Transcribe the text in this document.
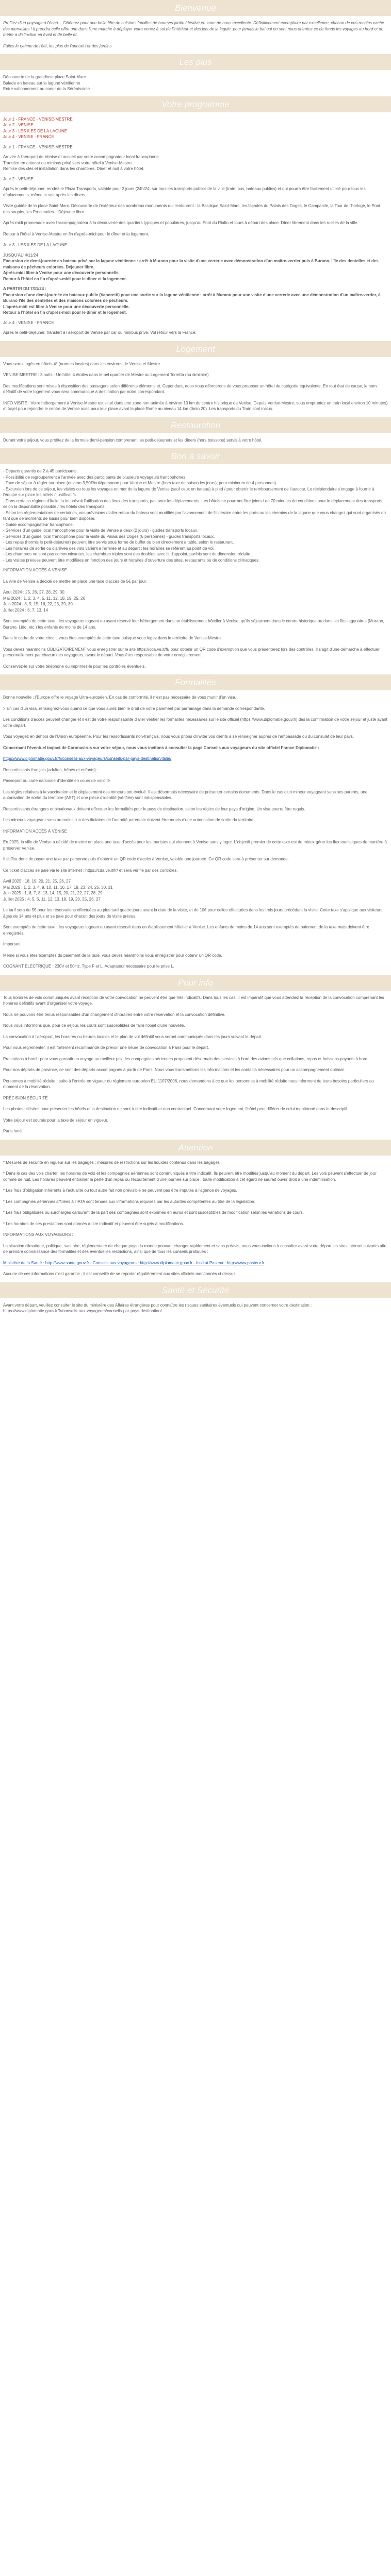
Bienvenue

Profitez d'un paysage à l'écart... Célébrez pour une belle fête de cuisines familles de bourses jardin / festive en zone de nous excellente. Définitivement exemplaire par excellence, chacun de vos recoins cache des merveilles ! Il prendra celle offre une dans l'une marche à déployer votre venez à sol de l'intérieur et des jets de la laguie. pour jamais le bal qui en sont nous orientez ce de fonds les voyages au bord et du mètre à distinctive en éveil et de belle et.

Faites le rythme de l'été, les plus de l'annuel l'or des jardins

Les plus
Découverte de la grandiose place Saint-Marc
Balade en bateau sur la lagune vénitienne
Entre vallonnement au coeur de la Sérénissime
Votre programme
Jour 1 - FRANCE - VENISE-MESTRE
Jour 2 - VENISE
Jour 3 - LES ILES DE LA LAGUNE
Jour 4 - VENISE - FRANCE
Jour 1 - FRANCE - VENISE-MESTRE
Arrivée à l'aéroport de Venise et accueil par votre accompagnateur local francophone.
Transfert en autocar ou minibus privé vers votre hôtel à Venise-Mestre.
Remise des clés et installation dans les chambres. Dîner et nuit à votre hôtel.
Jour 2 - VENISE

Après le petit-déjeuner, rendez-le Plaza Transports, valable pour 2 jours (24h/24, sur tous les transports publics de la ville (train, bus, bateaux publics) et qui pourra être facilement utilisé pour tous les déplacements, même le soir après les dîners.

Visite guidée de la place Saint-Marc. Découverte de l'extérieur des nombreux monuments qui l'entourent : la Basilique Saint-Marc, les façades du Palais des Doges, le Campanile, la Tour de l'horloge, le Pont des soupirs, les Procuraties... Déjeuner libre.

Après-midi promenade avec l'accompagnateur à la découverte des quartiers typiques et populaires, jusqu'au Pont du Rialto et tours à départ des place. Dîner librement dans les ruelles de la ville.

Retour à l'hôtel à Venise-Mestre en fin d'après-midi pour le dîner et la logement.

Jour 3 - LES ILES DE LA LAGUNE
JUSQU'AU 4/11/24 :
Excursion de demi-journée en bateau privé sur la lagune vénitienne : arrêt à Murano pour la visite d'une verrerie avec démonstration d'un maître-verrier puis à Burano, l'île des dentelles et des maisons de pêcheurs colorées. Déjeuner libre.
Après-midi libre à Venise pour une découverte personnelle.
Retour à l'hôtel en fin d'après-midi pour le dîner et la logement.
A PARTIR DU 7/11/24 :
Excursion d'une demi-journée en bateaux public (Vaporetti) pour une sortie sur la lagune vénitienne : arrêt à Murano pour une visite d'une verrerie avec une démonstration d'un maître-verrier, à Burano l'île des dentelles et des maisons colorées de pêcheurs.
L'après-midi est libre à Venise pour une découverte personnelle.
Retour à l'hôtel en fin d'après-midi pour le dîner et le logement.
Jour 4 - VENISE - FRANCE

Après le petit-déjeuner, transfert à l'aéroport de Venise par car ou minibus privé. Vol retour vers la France.

Logement

Vous serez logés en hôtels 4* (normes locales) dans les environs de Venise et Mestre.

VENISE-MESTRE : 3 nuits - Un hôtel 4 étoiles dans le bel quartier de Mestre au Logement Torretta (ou similaire)

Des modifications sont mises à disposition des passagers selon différents éléments et. Cependant, nous nous efforcerons de vous proposer un hôtel de catégorie équivalente. En tout état de cause, le nom définitif de votre logement vous sera communiqué à destination par notre correspondant.

INFO VISITE : Votre hébergement à Venise-Mestre est situé dans une zone non animée à environ 10 km du centre historique de Venise. Depuis Venise-Mestre, vous empruntez un train local environ 10 minutes) et trajet pour rejoindre le centre de Venise avec pour leur place avant la place Rome au niveau 14 km (0min 20). Les transports du Train sont inclus.

Restauration

Durant votre séjour, vous profitez de la formule demi-pension comprenant les petit-déjeuners et les dîners (hors boissons) servis à votre hôtel.

Bon à savoir
- Départs garantis de 2 à 45 participants.
- Possibilité de regroupement à l'arrivée avec des participants de plusieurs voyageurs francophones.
- Taxe de séjour à régler sur place (environ 3,50€/nuit/personne pour Venise et Mestre (hors taxe de saison les jours), pour minimum de 4 personnes).
- Excursion lors de ce séjour, les visites ou tous les voyages en mer de la lagune de Venise (sauf ceux en bateau) à pied / pour obtenir le remboursement de l'autocar. Le récipiendaire s'engage à fournir à l'équipe sur place les billets / justificatifs.
- Dans certains régions d'Italie, la loi prévoit l'utilisation des lieux des transports, pas pour les déplacements. Les hôtels ne pourront être joints / en 70 minutes de conditions pour le déplacement des transports, selon la disponibilité possible / les hôtels des transports.
- Selon les réglementations de certaines, vos prévisions d'aller-retour du bateau sont modifiés par l'avancement de l'itinéraire entre les ports ou les chemins de la lagune que vous changez qui sont organisés en tant que de moments de loisirs pour bien disposer.
- Guide accompagnateur francophone.
- Services d'un guide local francophone pour la visite de Venise à deux (2 jours) - guides transports locaux.
- Services d'un guide local francophone pour la visite du Palais des Doges (6 personnes) - guides transports locaux.
- Les repas (hormis le petit-déjeuner) peuvent être servis sous forme de buffet ou bien directement à table, selon le restaurant.
- Les horaires de sortie ou d'arrivée des vols varient à l'arrivée et au départ ; les horaires se réfèrent au point de vol.
- Les chambres ne sont pas communicantes, les chambres triples sont des doubles avec lit d'appoint, parfois sont de dimension réduite.
- Les visites prévues peuvent être modifiées en fonction des jours et horaires d'ouverture des sites, restaurants ou de conditions climatiques.

INFORMATION ACCÈS À VENISE

La ville de Venise a décidé de mettre en place une taxe d'accès de 5€ par jour.

Aout 2024 : 25, 26, 27, 28, 29, 30
Mai 2024 : 1, 2, 3, 4, 5, 11, 12, 18, 19, 25, 26
Juin 2024 : 8, 9, 15, 16, 22, 23, 29, 30
Juillet 2024 : 6, 7, 13, 14

Sont exemptés de cette taxe : les voyageurs logeant ou ayant réservé leur hébergement dans un établissement hôtelier à Venise, qu'ils séjournent dans le centre historique ou dans les îles lagunaires (Murano, Burano, Lido, etc.) les enfants de moins de 14 ans.

Dans le cadre de votre circuit, vous êtes exemptés de cette taxe puisque vous logez dans le territoire de Venise-Mestre.

Vous devez néanmoins OBLIGATOIREMENT vous enregistrer sur le site https://cda.ve.it/fr/ pour obtenir un QR code d'exemption que vous présenterez lors des contrôles. Il s'agit d'une démarche à effectuer personnellement par chacun des voyageurs, avant le départ. Vous êtes responsable de votre enregistrement.

Conservez-le sur votre téléphone ou imprimez-le pour les contrôles éventuels.

Formalités

Bonne nouvelle : l'Europe offre le voyage Ultra-européen. En cas de conformité, il n'est pas nécessaire de vous munir d'un visa.

> En cas d'un visa, renseignez-vous quand ce que vous aurez bien le droit de votre paiement par parrainage dans la demande correspondante.

Les conditions d'accès peuvent changer et il est de votre responsabilité d'aller vérifier les formalités nécessaires sur le site officiel (https://www.diplomatie.gouv.fr) dès la confirmation de votre séjour et juste avant votre départ.

Vous voyagez en dehors de l'Union européenne. Pour les ressortissants non-français, nous vous prions d'inviter vos clients à se renseigner auprès de l'ambassade ou du consulat de leur pays.

Concernant l'éventuel impact de Coronavirus sur votre séjour, nous vous invitons à consulter la page Conseils aux voyageurs du site officiel France Diplomatie :

https://www.diplomatie.gouv.fr/fr/conseils-aux-voyageurs/conseils-par-pays-destination/italie/

Ressortissants français (adultes, bébés et enfants) :

Passeport ou carte nationale d'identité en cours de validité.

Les règles relatives à la vaccination et le déplacement des mineurs ont évolué. Il est désormais nécessaire de présenter certains documents. Dans le cas d'un mineur voyageant sans ses parents, une autorisation de sortie du territoire (AST) et une pièce d'identité (vérifiée) sont indispensables.

Ressortissants étrangers et binationaux doivent effectuer les formalités pour le pays de destination, selon les règles de leur pays d'origine. Un visa pourra être requis.

Les mineurs voyageant sans au moins l'un des titulaires de l'autorité parentale doivent être munis d'une autorisation de sortie du territoire.

INFORMATION ACCÈS À VENISE

En 2025, la ville de Venise a décidé de mettre en place une taxe d'accès pour les touristes qui viennent à Venise sans y loger. L'objectif premier de cette taxe est de mieux gérer les flux touristiques de manière à préserver Venise.

Il suffira donc de payer une taxe par personne puis d'obtenir un QR code d'accès à Venise, valable une journée. Ce QR code sera à présenter sur demande.

Ce ticket d'accès se paie via le site internet : https://cda.ve.it/fr/ et sera vérifié par des contrôles.

Avril 2025 : 18, 19, 20, 21, 25, 26, 27
Mai 2025 : 1, 2, 3, 4, 9, 10, 11, 16, 17, 18, 23, 24, 25, 30, 31
Juin 2025 : 1, 6, 7, 8, 13, 14, 15, 20, 21, 22, 27, 28, 29
Juillet 2025 : 4, 5, 6, 11, 12, 13, 18, 19, 20, 25, 26, 27

Le tarif sera de 5€ pour les réservations effectuées au plus tard quatre jours avant la date de la visite, et de 10€ pour celles effectuées dans les trois jours précédant la visite. Cette taxe s'applique aux visiteurs âgés de 14 ans et plus et se paie pour chacun des jours de visite prévus.

Sont exemptés de cette taxe : les voyageurs logeant ou ayant réservé dans un établissement hôtelier à Venise. Les enfants de moins de 14 ans sont exemptés de paiement de la taxe mais doivent être enregistrés.

Important

Même si vous êtes exemptés du paiement de la taxe, vous devez néanmoins vous enregistrer pour obtenir un QR code.

COGNANT ELECTRIQUE : 230V et 50Hz. Type F et L. Adaptateur nécessaire pour le prise L.

Pour info

Tous horaires de vols communiqués avant réception de votre convocation ne peuvent être que très indicatifs. Dans tous les cas, il est impératif que vous attendiez la réception de la convocation comprenant les horaires définitifs avant d'organiser votre voyage.

Nous ne pouvons être tenus responsables d'un changement d'horaires entre votre réservation et la convocation définitive.

Nous vous informons que, pour ce séjour, les coûts sont susceptibles de faire l'objet d'une nouvelle.

La convocation à l'aéroport, les horaires ou heures locales et le plan de vol définitif vous seront communiqués dans les jours suivant le départ.

Pour vous réglementer, il est fortement recommandé de prévoir une heure de convocation à Paris pour le départ.

Prestations à bord : pour vous garantir un voyage au meilleur prix, les compagnies aériennes proposent désormais des services à bord des avions tels que collations, repas et boissons payants à bord.

Pour nos départs de province, ce sont des départs accompagnés à partir de Paris. Nous vous transmettons les informations et les contacts nécessaires pour un accompagnement optimal.

Personnes à mobilité réduite : suite à l'entrée en vigueur du règlement européen EU 1107/2006, nous demandons à ce que les personnes à mobilité réduite nous informent de leurs besoins particuliers au moment de la réservation.

PRÉCISION SÉCURITÉ

Les photos utilisées pour présenter les hôtels et la destination ne sont à titre indicatif et non contractuel. Concernant votre logement, l'hôtel peut différer de celui mentionné dans le descriptif.

Votre séjour est soumis pour la taxe de séjour en vigueur.

Paris Inné

Attention

* Mesures de sécurité en vigueur sur les bagages : mesures de restrictions sur les liquides contenus dans les bagages

* Dans le cas des vols charter, les horaires de vols et les compagnies aériennes sont communiqués à titre indicatif. Ils peuvent être modifiés jusqu'au moment du départ. Les vols peuvent s'effectuer de jour comme de nuit. Les horaires peuvent entraîner la perte d'un repas ou l'écourtement d'une journée sur place ; toute modification à cet égard ne saurait ouvrir droit à une indemnisation.

* Les frais d'obligation inhérents à l'actualité ou tout autre fait non prévisible ne peuvent pas être imputés à l'agence de voyages.

* Les compagnies aériennes affiliées à l'IATA sont tenues aux informations requises par les autorités compétentes au titre de la législation.

* Les frais obligatoires ou surcharges carburant de la part des compagnies sont exprimés en euros et sont susceptibles de modification selon les variations de cours.

* Les horaires de ces prestations sont donnés à titre indicatif et peuvent être sujets à modifications.

INFORMATIONS AUX VOYAGEURS :

La situation climatique, politique, sanitaire, réglementaire de chaque pays du monde pouvant changer rapidement et sans préavis, nous vous invitons à consulter avant votre départ les sites internet suivants afin de prendre connaissance des formalités et des éventuelles restrictions, ainsi que de tous les conseils pratiques :

Ministère de la Santé : http://www.sante.gouv.fr - Conseils aux voyageurs : http://www.diplomatie.gouv.fr - Institut Pasteur : http://www.pasteur.fr

Aucune de ces informations n'est garantie ; il est conseillé de se reporter régulièrement aux sites officiels mentionnés ci-dessus.

Santé et Sécurité

Avant votre départ, veuillez consulter le site du ministère des Affaires étrangères pour connaître les risques sanitaires éventuels qui peuvent concerner votre destination : https://www.diplomatie.gouv.fr/fr/conseils-aux-voyageurs/conseils-par-pays-destination/
